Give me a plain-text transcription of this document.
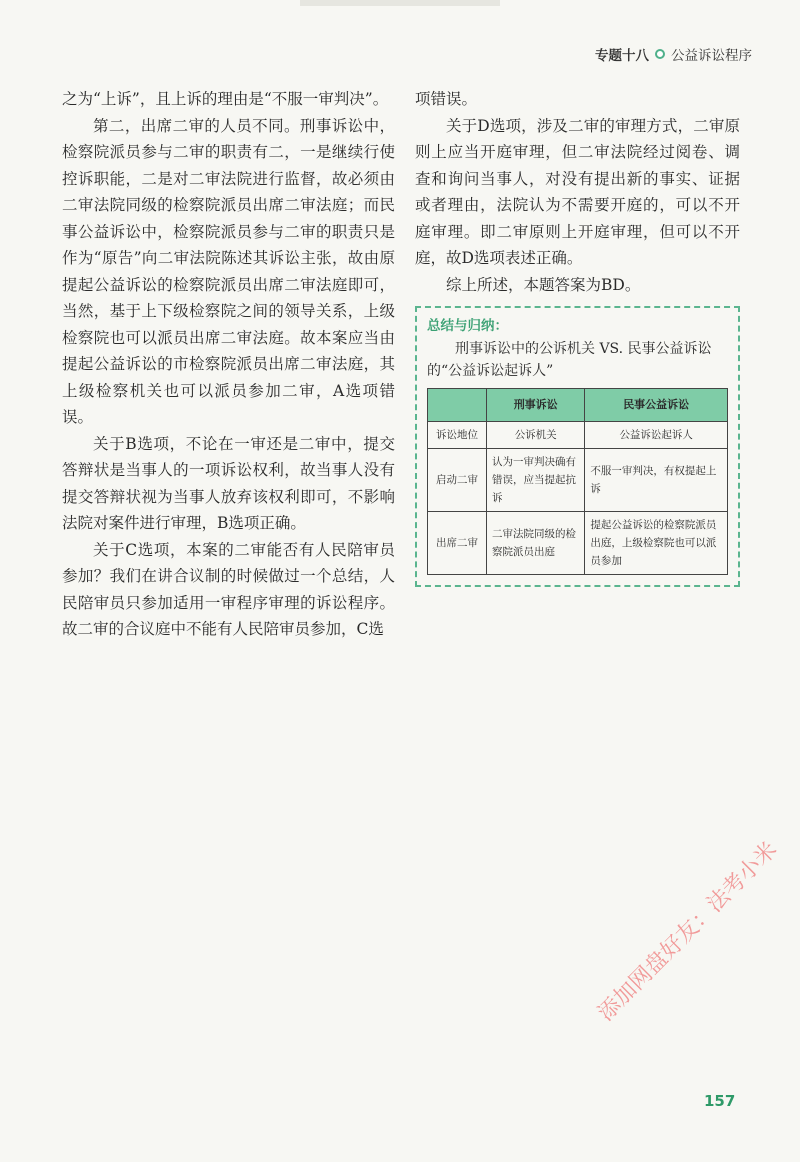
专题十八 公益诉讼程序

之为“上诉”，且上诉的理由是“不服一审判决”。

第二，出席二审的人员不同。刑事诉讼中，检察院派员参与二审的职责有二，一是继续行使控诉职能，二是对二审法院进行监督，故必须由二审法院同级的检察院派员出席二审法庭；而民事公益诉讼中，检察院派员参与二审的职责只是作为“原告”向二审法院陈述其诉讼主张，故由原提起公益诉讼的检察院派员出席二审法庭即可，当然，基于上下级检察院之间的领导关系，上级检察院也可以派员出席二审法庭。故本案应当由提起公益诉讼的市检察院派员出席二审法庭，其上级检察机关也可以派员参加二审，A选项错误。

关于B选项，不论在一审还是二审中，提交答辩状是当事人的一项诉讼权利，故当事人没有提交答辩状视为当事人放弃该权利即可，不影响法院对案件进行审理，B选项正确。

关于C选项，本案的二审能否有人民陪审员参加？我们在讲合议制的时候做过一个总结，人民陪审员只参加适用一审程序审理的诉讼程序。故二审的合议庭中不能有人民陪审员参加，C选

项错误。

关于D选项，涉及二审的审理方式，二审原则上应当开庭审理，但二审法院经过阅卷、调查和询问当事人，对没有提出新的事实、证据或者理由，法院认为不需要开庭的，可以不开庭审理。即二审原则上开庭审理，但可以不开庭，故D选项表述正确。

综上所述，本题答案为BD。

总结与归纳：
刑事诉讼中的公诉机关 VS. 民事公益诉讼的“公益诉讼起诉人”
	刑事诉讼	民事公益诉讼
诉讼地位	公诉机关	公益诉讼起诉人
启动二审	认为一审判决确有错误，应当提起抗诉	不服一审判决，有权提起上诉
出席二审	二审法院同级的检察院派员出庭	提起公益诉讼的检察院派员出庭，上级检察院也可以派员参加
添加网盘好友：法考小米
157
